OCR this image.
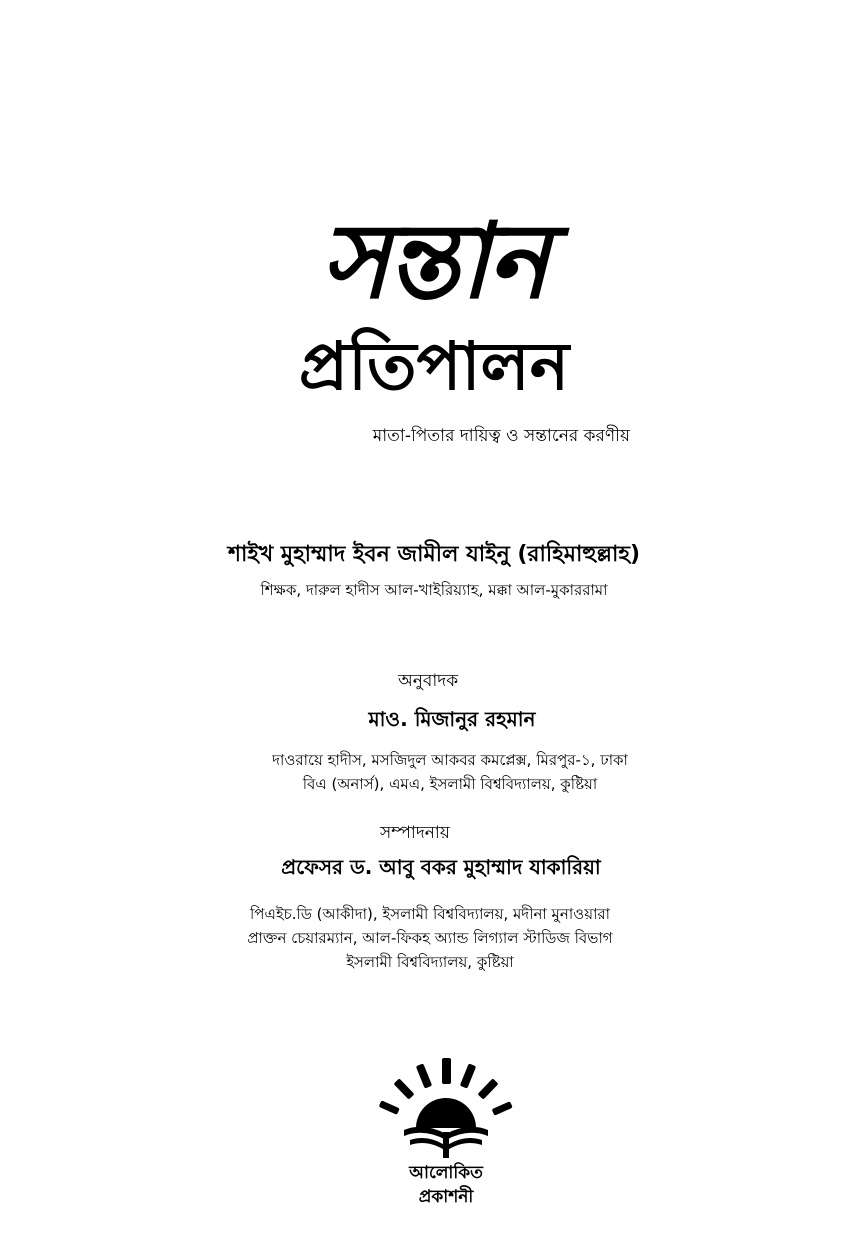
সন্তান
প্রতিপালন
মাতা-পিতার দায়িত্ব ও সন্তানের করণীয়
শাইখ মুহাম্মাদ ইবন জামীল যাইনু (রাহিমাহুল্লাহ)
শিক্ষক, দারুল হাদীস আল-খাইরিয়্যাহ, মক্কা আল-মুকাররামা
অনুবাদক
মাও. মিজানুর রহমান
দাওরায়ে হাদীস, মসজিদুল আকবর কমপ্লেক্স, মিরপুর-১, ঢাকা
বিএ (অনার্স), এমএ, ইসলামী বিশ্ববিদ্যালয়, কুষ্টিয়া
সম্পাদনায়
প্রফেসর ড. আবু বকর মুহাম্মাদ যাকারিয়া
পিএইচ.ডি (আকীদা), ইসলামী বিশ্ববিদ্যালয়, মদীনা মুনাওয়ারা
প্রাক্তন চেয়ারম্যান, আল-ফিকহ অ্যান্ড লিগ্যাল স্টাডিজ বিভাগ
ইসলামী বিশ্ববিদ্যালয়, কুষ্টিয়া
আলোকিত
প্রকাশনী
